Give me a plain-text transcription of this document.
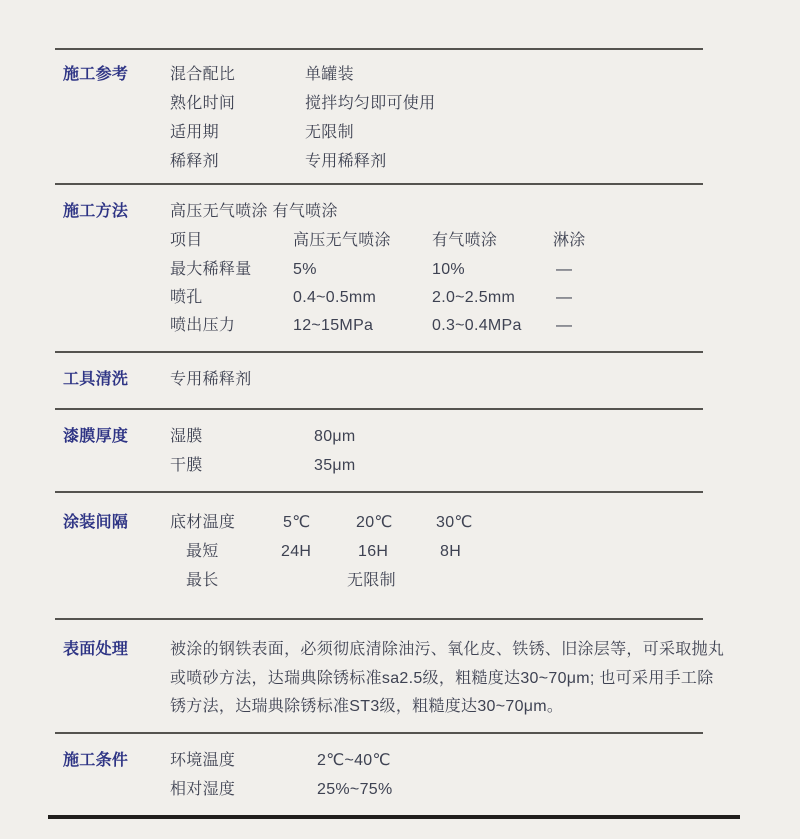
施工参考	混合配比	单罐装
熟化时间	搅拌均匀即可使用
适用期	无限制
稀释剂	专用稀释剂
施工方法	高压无气喷涂 有气喷涂
项目	高压无气喷涂	有气喷涂	淋涂
最大稀释量	5%	10%	—
喷孔	0.4~0.5mm	2.0~2.5mm	—
喷出压力	12~15MPa	0.3~0.4MPa —
工具清洗	专用稀释剂
漆膜厚度	湿膜	80μm
干膜	35μm
涂装间隔	底材温度	5℃	20℃	30℃
最短	24H	16H	8H
最长	无限制
表面处理	被涂的钢铁表面，必须彻底清除油污、氧化皮、铁锈、旧涂层等，可采取抛丸
或喷砂方法，达瑞典除锈标准sa2.5级，粗糙度达30~70μm; 也可采用手工除
锈方法，达瑞典除锈标准ST3级，粗糙度达30~70μm。
施工条件	环境温度	2℃~40℃
相对湿度	25%~75%
